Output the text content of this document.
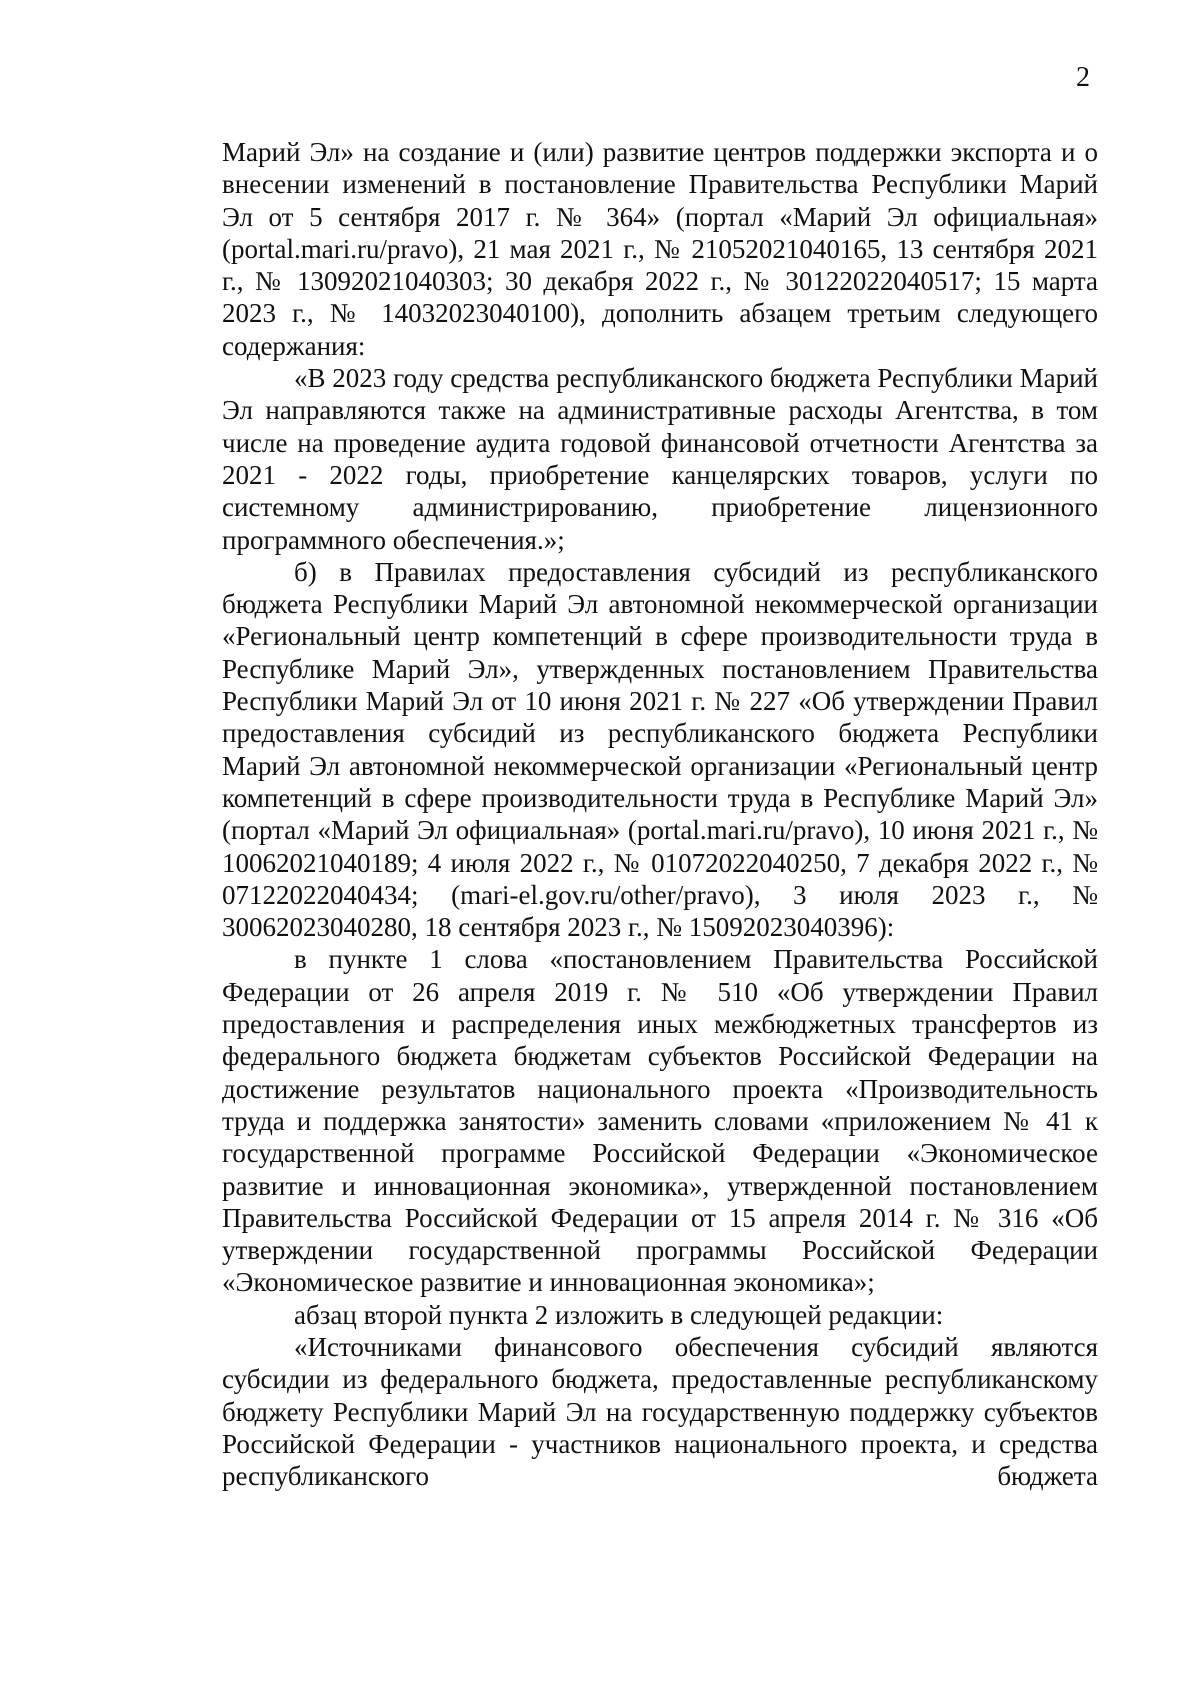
2

Марий Эл» на создание и (или) развитие центров поддержки экспорта и о внесении изменений в постановление Правительства Республики Марий Эл от 5 сентября 2017 г. № 364» (портал «Марий Эл официальная» (portal.mari.ru/pravo), 21 мая 2021 г., № 21052021040165, 13 сентября 2021 г., № 13092021040303; 30 декабря 2022 г., № 30122022040517; 15 марта 2023 г., № 14032023040100), дополнить абзацем третьим следующего содержания:

«В 2023 году средства республиканского бюджета Республики Марий Эл направляются также на административные расходы Агентства, в том числе на проведение аудита годовой финансовой отчетности Агентства за 2021 - 2022 годы, приобретение канцелярских товаров, услуги по системному администрированию, приобретение лицензионного программного обеспечения.»;

б) в Правилах предоставления субсидий из республиканского бюджета Республики Марий Эл автономной некоммерческой организации «Региональный центр компетенций в сфере производительности труда в Республике Марий Эл», утвержденных постановлением Правительства Республики Марий Эл от 10 июня 2021 г. № 227 «Об утверждении Правил предоставления субсидий из республиканского бюджета Республики Марий Эл автономной некоммерческой организации «Региональный центр компетенций в сфере производительности труда в Республике Марий Эл» (портал «Марий Эл официальная» (portal.mari.ru/pravo), 10 июня 2021 г., № 10062021040189; 4 июля 2022 г., № 01072022040250, 7 декабря 2022 г., № 07122022040434; (mari-el.gov.ru/other/pravo), 3 июля 2023 г., № 30062023040280, 18 сентября 2023 г., № 15092023040396):

в пункте 1 слова «постановлением Правительства Российской Федерации от 26 апреля 2019 г. № 510 «Об утверждении Правил предоставления и распределения иных межбюджетных трансфертов из федерального бюджета бюджетам субъектов Российской Федерации на достижение результатов национального проекта «Производительность труда и поддержка занятости» заменить словами «приложением № 41 к государственной программе Российской Федерации «Экономическое развитие и инновационная экономика», утвержденной постановлением Правительства Российской Федерации от 15 апреля 2014 г. № 316 «Об утверждении государственной программы Российской Федерации «Экономическое развитие и инновационная экономика»;

абзац второй пункта 2 изложить в следующей редакции:

«Источниками финансового обеспечения субсидий являются субсидии из федерального бюджета, предоставленные республиканскому бюджету Республики Марий Эл на государственную поддержку субъектов Российской Федерации - участников национального проекта, и средства республиканского бюджета
